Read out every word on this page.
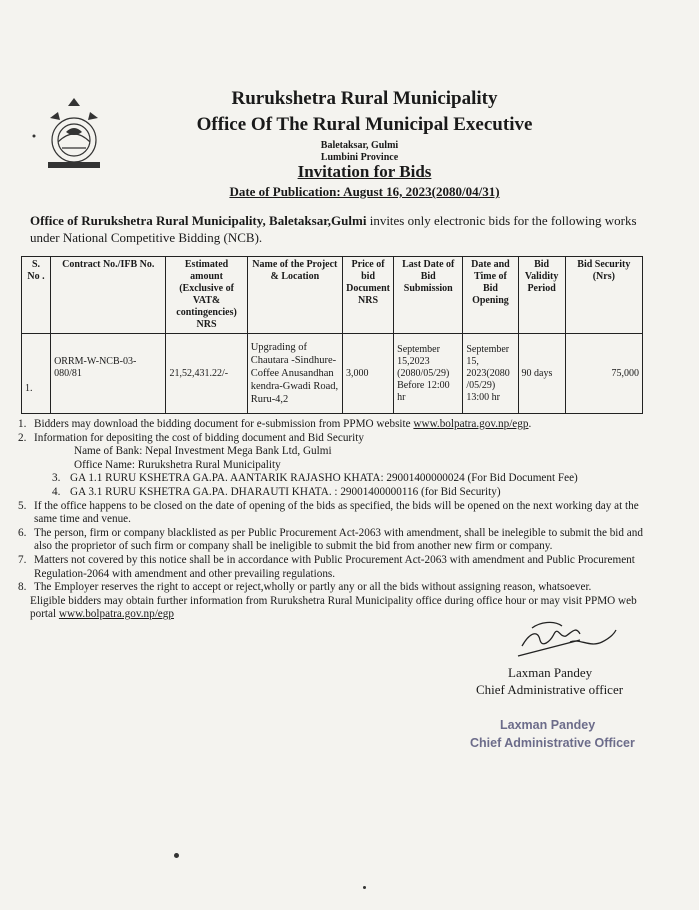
Rurukshetra Rural Municipality
Office Of The Rural Municipal Executive
Baletaksar, Gulmi
Lumbini Province
Invitation for Bids
Date of Publication: August 16, 2023(2080/04/31)
Office of Rurukshetra Rural Municipality, Baletaksar,Gulmi invites only electronic bids for the following works under National Competitive Bidding (NCB).
S. No .	Contract No./IFB No.	Estimated amount (Exclusive of VAT& contingencies) NRS	Name of the Project & Location	Price of bid Document NRS	Last Date of Bid Submission	Date and Time of Bid Opening	Bid Validity Period	Bid Security (Nrs)
1.	ORRM-W-NCB-03-080/81	21,52,431.22/-	Upgrading of Chautara -Sindhure-Coffee Anusandhan kendra-Gwadi Road, Ruru-4,2	3,000	September 15,2023 (2080/05/29) Before 12:00 hr	September 15, 2023(2080 /05/29) 13:00 hr	90 days	75,000
1. Bidders may download the bidding document for e-submission from PPMO website www.bolpatra.gov.np/egp.
2. Information for depositing the cost of bidding document and Bid Security
Name of Bank: Nepal Investment Mega Bank Ltd, Gulmi
Office Name: Rurukshetra Rural Municipality
3. GA 1.1 RURU KSHETRA GA.PA. AANTARIK RAJASHO KHATA: 29001400000024 (For Bid Document Fee)
4. GA 3.1 RURU KSHETRA GA.PA. DHARAUTI KHATA. : 29001400000116 (for Bid Security)
5. If the office happens to be closed on the date of opening of the bids as specified, the bids will be opened on the next working day at the same time and venue.
6. The person, firm or company blacklisted as per Public Procurement Act-2063 with amendment, shall be inelegible to submit the bid and also the proprietor of such firm or company shall be ineligible to submit the bid from another new firm or company.
7. Matters not covered by this notice shall be in accordance with Public Procurement Act-2063 with amendment and Public Procurement Regulation-2064 with amendment and other prevailing regulations.
8. The Employer reserves the right to accept or reject,wholly or partly any or all the bids without assigning reason, whatsoever.
Eligible bidders may obtain further information from Rurukshetra Rural Municipality office during office hour or may visit PPMO web portal www.bolpatra.gov.np/egp
Laxman Pandey
Chief Administrative officer
Laxman Pandey
Chief Administrative Officer
